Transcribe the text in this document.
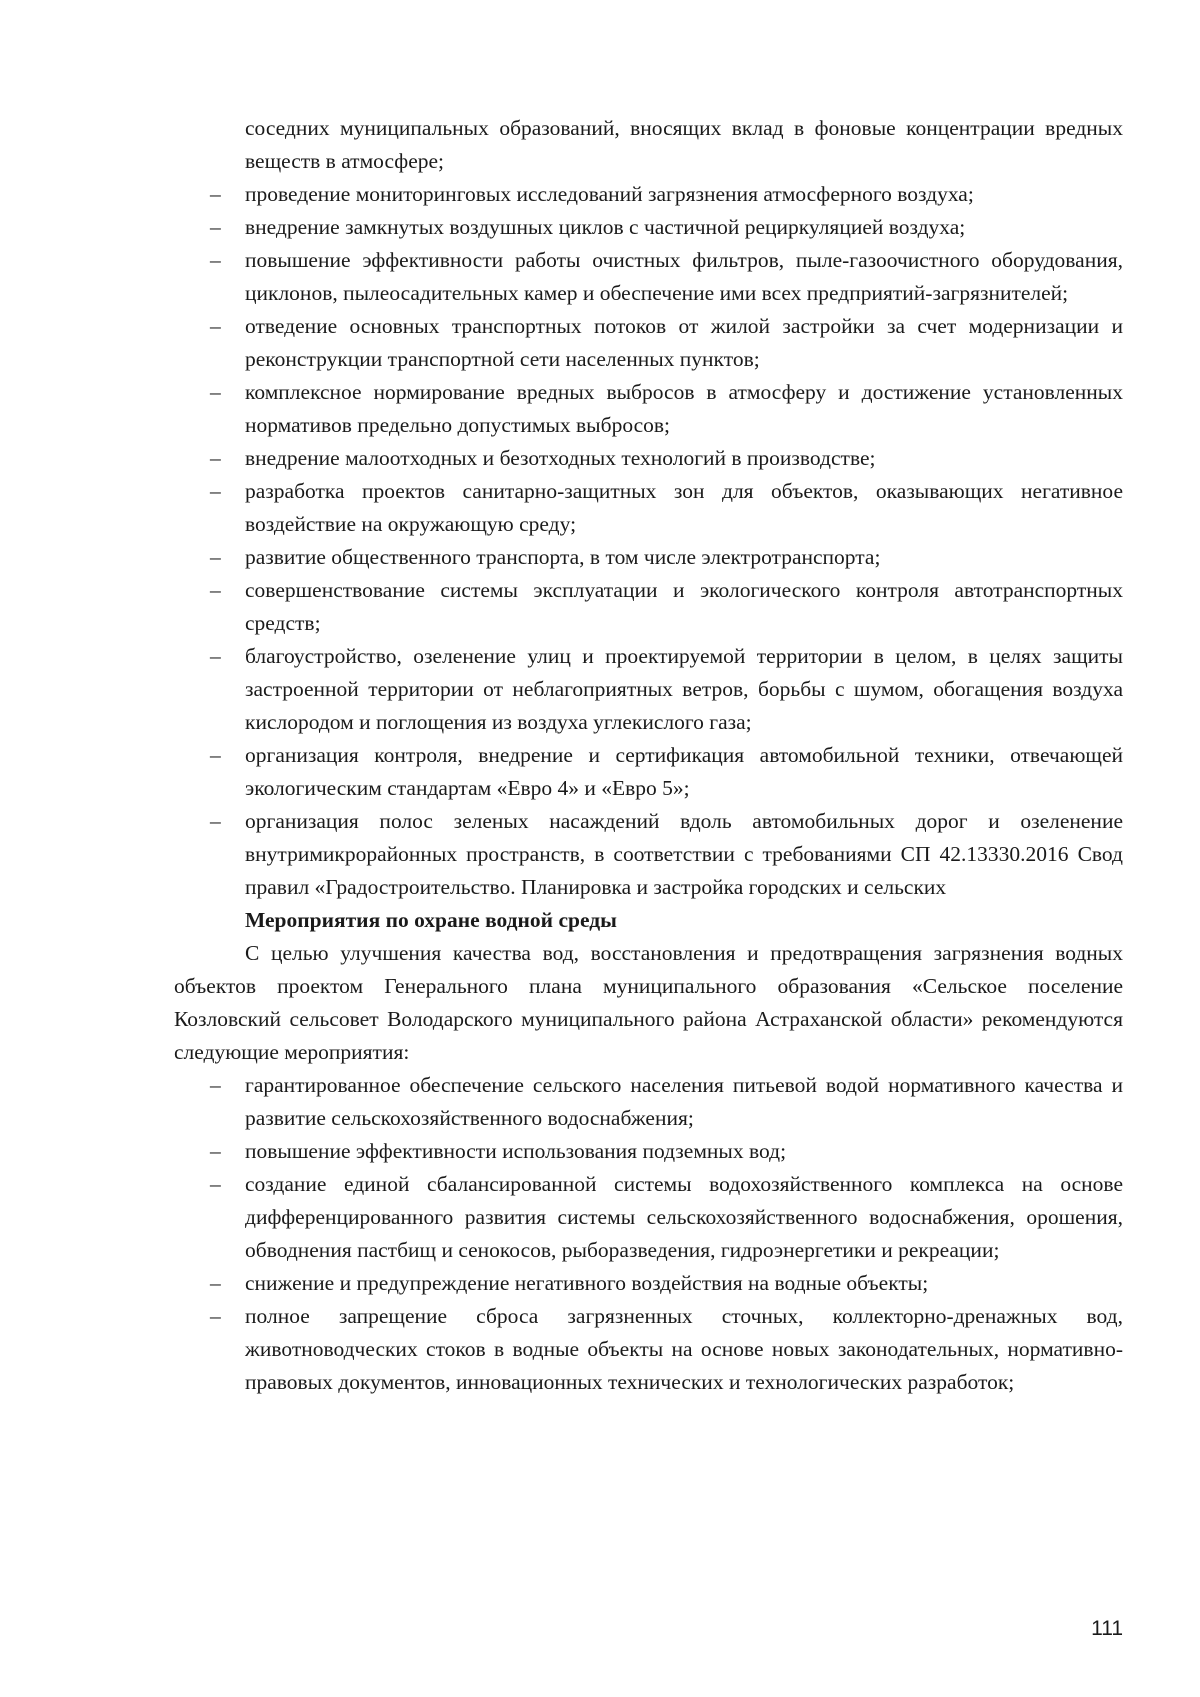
соседних муниципальных образований, вносящих вклад в фоновые концентрации вредных веществ в атмосфере;
– проведение мониторинговых исследований загрязнения атмосферного воздуха;
– внедрение замкнутых воздушных циклов с частичной рециркуляцией воздуха;
– повышение эффективности работы очистных фильтров, пыле-газоочистного оборудования, циклонов, пылеосадительных камер и обеспечение ими всех предприятий-загрязнителей;
– отведение основных транспортных потоков от жилой застройки за счет модернизации и реконструкции транспортной сети населенных пунктов;
– комплексное нормирование вредных выбросов в атмосферу и достижение установленных нормативов предельно допустимых выбросов;
– внедрение малоотходных и безотходных технологий в производстве;
– разработка проектов санитарно-защитных зон для объектов, оказывающих негативное воздействие на окружающую среду;
– развитие общественного транспорта, в том числе электротранспорта;
– совершенствование системы эксплуатации и экологического контроля автотранспортных средств;
– благоустройство, озеленение улиц и проектируемой территории в целом, в целях защиты застроенной территории от неблагоприятных ветров, борьбы с шумом, обогащения воздуха кислородом и поглощения из воздуха углекислого газа;
– организация контроля, внедрение и сертификация автомобильной техники, отвечающей экологическим стандартам «Евро 4» и «Евро 5»;
– организация полос зеленых насаждений вдоль автомобильных дорог и озеленение внутримикрорайонных пространств, в соответствии с требованиями СП 42.13330.2016 Свод правил «Градостроительство. Планировка и застройка городских и сельских
Мероприятия по охране водной среды
С целью улучшения качества вод, восстановления и предотвращения загрязнения водных объектов проектом Генерального плана муниципального образования «Сельское поселение Козловский сельсовет Володарского муниципального района Астраханской области» рекомендуются следующие мероприятия:
– гарантированное обеспечение сельского населения питьевой водой нормативного качества и развитие сельскохозяйственного водоснабжения;
– повышение эффективности использования подземных вод;
– создание единой сбалансированной системы водохозяйственного комплекса на основе дифференцированного развития системы сельскохозяйственного водоснабжения, орошения, обводнения пастбищ и сенокосов, рыборазведения, гидроэнергетики и рекреации;
– снижение и предупреждение негативного воздействия на водные объекты;
– полное запрещение сброса загрязненных сточных, коллекторно-дренажных вод, животноводческих стоков в водные объекты на основе новых законодательных, нормативно-правовых документов, инновационных технических и технологических разработок;
111
